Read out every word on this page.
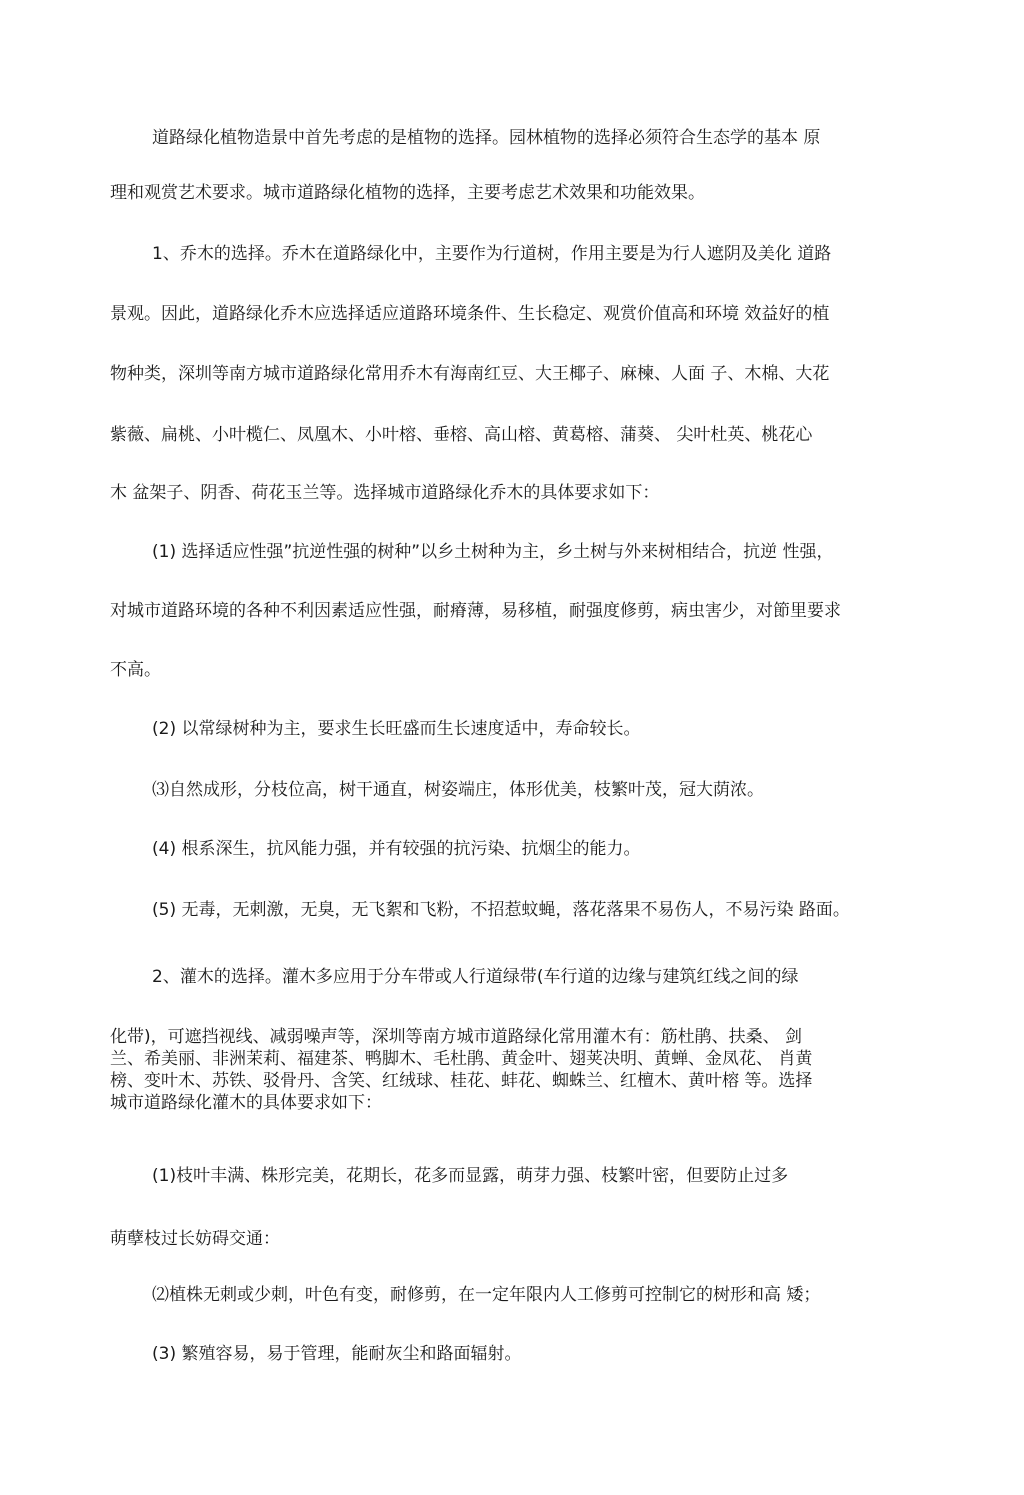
道路绿化植物造景中首先考虑的是植物的选择。园林植物的选择必须符合生态学的基本 原
理和观赏艺术要求。城市道路绿化植物的选择，主要考虑艺术效果和功能效果。
1、乔木的选择。乔木在道路绿化中，主要作为行道树，作用主要是为行人遮阴及美化 道路
景观。因此，道路绿化乔木应选择适应道路环境条件、生长稳定、观赏价值高和环境 效益好的植
物种类，深圳等南方城市道路绿化常用乔木有海南红豆、大王椰子、麻楝、人面 子、木棉、大花
紫薇、扁桃、小叶榄仁、凤凰木、小叶榕、垂榕、高山榕、黄葛榕、蒲葵、 尖叶杜英、桃花心
木 盆架子、阴香、荷花玉兰等。选择城市道路绿化乔木的具体要求如下：
(1) 选择适应性强”抗逆性强的树种”以乡土树种为主，乡土树与外来树相结合，抗逆 性强，
对城市道路环境的各种不利因素适应性强，耐瘠薄，易移植，耐强度修剪，病虫害少，对節里要求
不高。
(2) 以常绿树种为主，要求生长旺盛而生长速度适中，寿命较长。
⑶自然成形，分枝位高，树干通直，树姿端庄，体形优美，枝繁叶茂，冠大荫浓。
(4) 根系深生，抗风能力强，并有较强的抗污染、抗烟尘的能力。
(5) 无毒，无刺激，无臭，无飞絮和飞粉，不招惹蚊蝇，落花落果不易伤人，不易污染 路面。
2、灌木的选择。灌木多应用于分车带或人行道绿带(车行道的边缘与建筑红线之间的绿
化带)，可遮挡视线、减弱噪声等，深圳等南方城市道路绿化常用灌木有：筋杜鹃、扶桑、 剑
兰、希美丽、非洲茉莉、福建茶、鸭脚木、毛杜鹃、黄金叶、翅荚决明、黄蝉、金凤花、 肖黄
榜、变叶木、苏铁、驳骨丹、含笑、红绒球、桂花、蚌花、蜘蛛兰、红檀木、黄叶榕 等。选择
城市道路绿化灌木的具体要求如下：
(1)枝叶丰满、株形完美，花期长，花多而显露，萌芽力强、枝繁叶密，但要防止过多
萌孽枝过长妨碍交通：
⑵植株无刺或少刺，叶色有变，耐修剪，在一定年限内人工修剪可控制它的树形和高 矮；
(3) 繁殖容易，易于管理，能耐灰尘和路面辐射。
